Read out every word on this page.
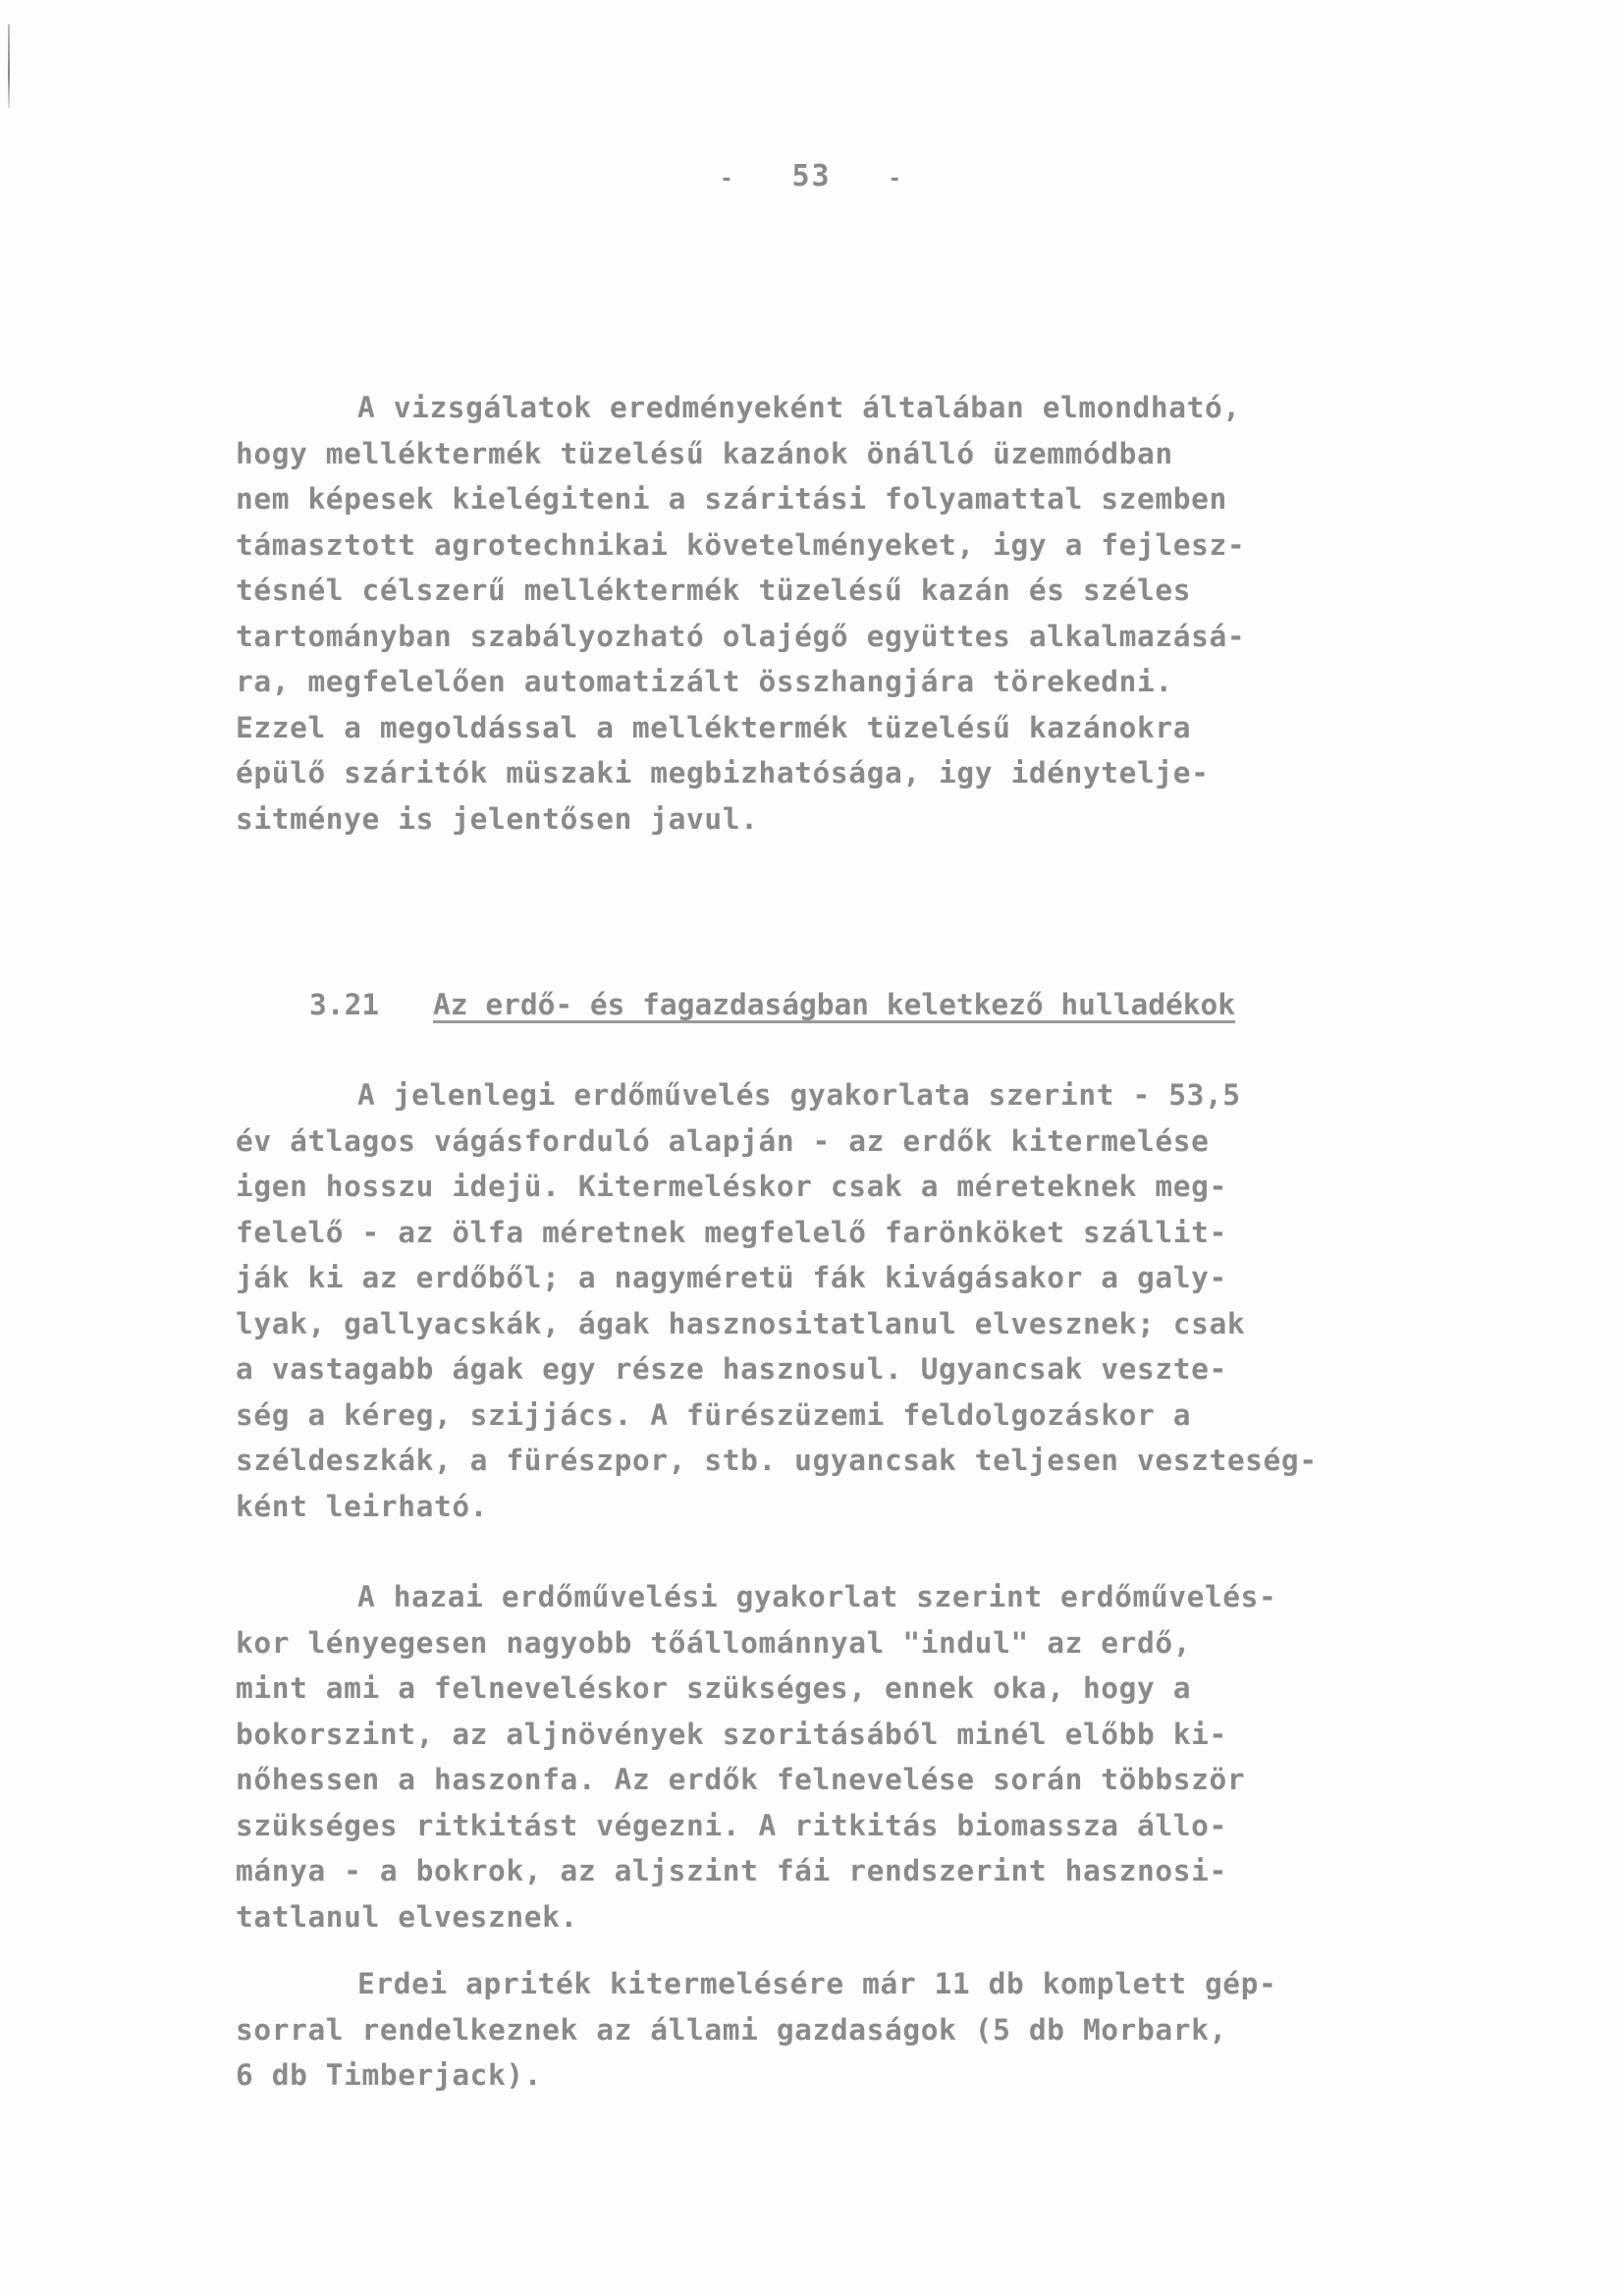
- 53	-
A vizsgálatok eredményeként általában elmondható,
hogy melléktermék tüzelésű kazánok önálló üzemmódban
nem képesek kielégiteni a száritási folyamattal szemben
támasztott agrotechnikai követelményeket, igy a fejlesz-
tésnél célszerű melléktermék tüzelésű kazán és széles
tartományban szabályozható olajégő együttes alkalmazásá-
ra, megfelelően automatizált összhangjára törekedni.
Ezzel a megoldással a melléktermék tüzelésű kazánokra
épülő száritók müszaki megbizhatósága, igy idénytelje-
sitménye is jelentősen javul.

3.21 Az erdő- és fagazdaságban keletkező hulladékok

A jelenlegi erdőművelés gyakorlata szerint - 53,5
év átlagos vágásforduló alapján - az erdők kitermelése
igen hosszu idejü. Kitermeléskor csak a méreteknek meg-
felelő - az ölfa méretnek megfelelő farönköket szállit-
ják ki az erdőből; a nagyméretü fák kivágásakor a galy-
lyak, gallyacskák, ágak hasznositatlanul elvesznek; csak
a vastagabb ágak egy része hasznosul. Ugyancsak veszte-
ség a kéreg, szijjács. A fürészüzemi feldolgozáskor a
széldeszkák, a fürészpor, stb. ugyancsak teljesen veszteség-
ként leirható.
A hazai erdőművelési gyakorlat szerint erdőművelés-
kor lényegesen nagyobb tőállománnyal "indul" az erdő,
mint ami a felneveléskor szükséges, ennek oka, hogy a
bokorszint, az aljnövények szoritásából minél előbb ki-
nőhessen a haszonfa. Az erdők felnevelése során többször
szükséges ritkitást végezni. A ritkitás biomassza állo-
mánya - a bokrok, az aljszint fái rendszerint hasznosi-
tatlanul elvesznek.
Erdei apriték kitermelésére már 11 db komplett gép-
sorral rendelkeznek az állami gazdaságok (5 db Morbark,
6 db Timberjack).
